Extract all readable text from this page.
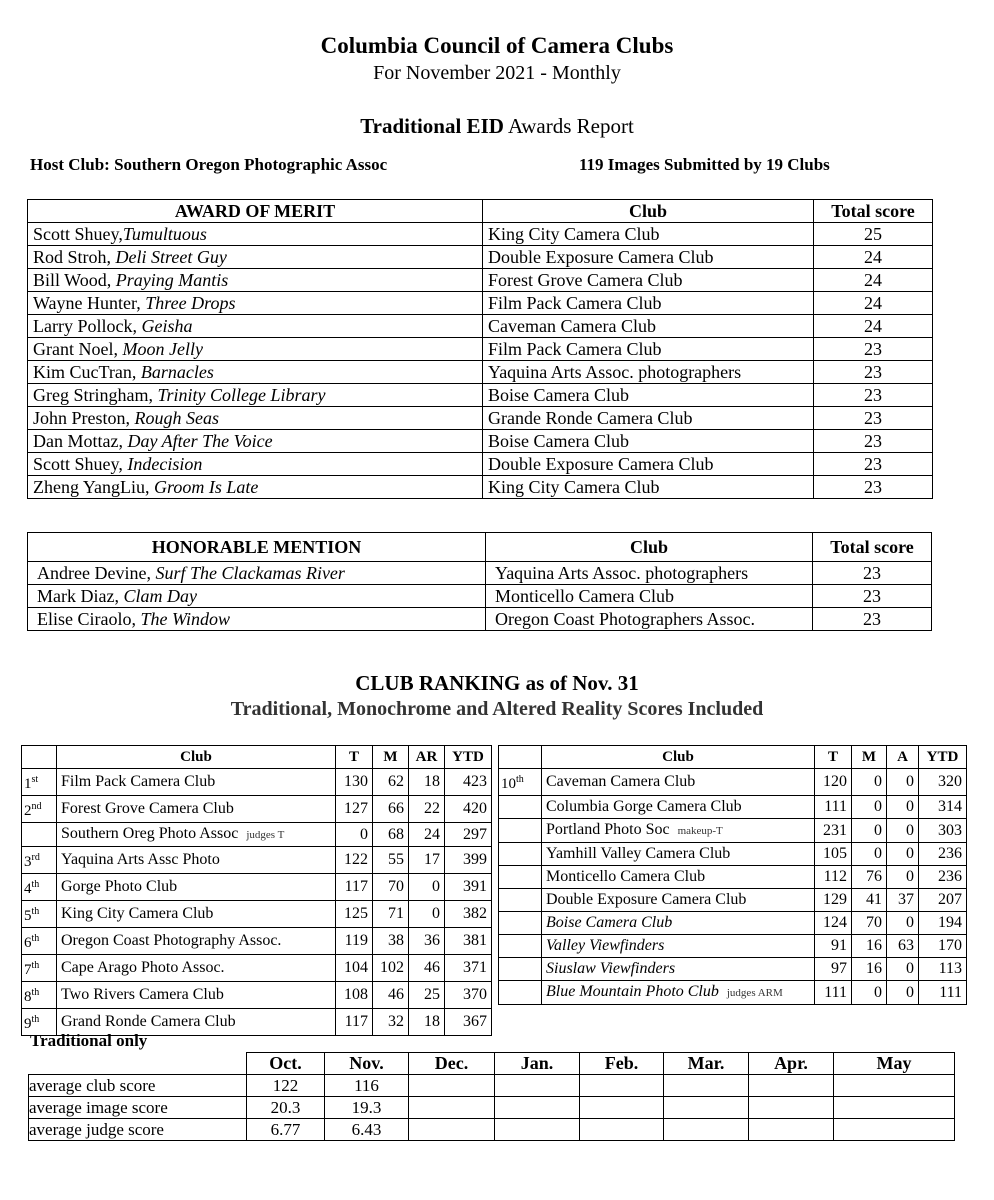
Columbia Council of Camera Clubs
For November 2021 - Monthly
Traditional EID Awards Report
Host Club: Southern Oregon Photographic Assoc	119 Images Submitted by 19 Clubs
AWARD OF MERIT	Club	Total score
Scott Shuey,Tumultuous	King City Camera Club	25
Rod Stroh, Deli Street Guy	Double Exposure Camera Club	24
Bill Wood, Praying Mantis	Forest Grove Camera Club	24
Wayne Hunter, Three Drops	Film Pack Camera Club	24
Larry Pollock, Geisha	Caveman Camera Club	24
Grant Noel, Moon Jelly	Film Pack Camera Club	23
Kim CucTran, Barnacles	Yaquina Arts Assoc. photographers	23
Greg Stringham, Trinity College Library	Boise Camera Club	23
John Preston, Rough Seas	Grande Ronde Camera Club	23
Dan Mottaz, Day After The Voice	Boise Camera Club	23
Scott Shuey, Indecision	Double Exposure Camera Club	23
Zheng YangLiu, Groom Is Late	King City Camera Club	23
HONORABLE MENTION	Club	Total score
Andree Devine, Surf The Clackamas River	Yaquina Arts Assoc. photographers	23
Mark Diaz, Clam Day	Monticello Camera Club	23
Elise Ciraolo, The Window	Oregon Coast Photographers Assoc.	23
CLUB RANKING as of Nov. 31
Traditional, Monochrome and Altered Reality Scores Included
	Club	T	M	AR	YTD
1st	Film Pack Camera Club	130	62	18	423
2nd	Forest Grove Camera Club	127	66	22	420
	Southern Oreg Photo Assoc judges T	0	68	24	297
3rd	Yaquina Arts Assc Photo	122	55	17	399
4th	Gorge Photo Club	117	70	0	391
5th	King City Camera Club	125	71	0	382
6th	Oregon Coast Photography Assoc.	119	38	36	381
7th	Cape Arago Photo Assoc.	104	102	46	371
8th	Two Rivers Camera Club	108	46	25	370
9th	Grand Ronde Camera Club	117	32	18	367
	Club	T	M	A	YTD
10th	Caveman Camera Club	120	0	0	320
	Columbia Gorge Camera Club	111	0	0	314
	Portland Photo Soc makeup-T	231	0	0	303
	Yamhill Valley Camera Club	105	0	0	236
	Monticello Camera Club	112	76	0	236
	Double Exposure Camera Club	129	41	37	207
	Boise Camera Club	124	70	0	194
	Valley Viewfinders	91	16	63	170
	Siuslaw Viewfinders	97	16	0	113
	Blue Mountain Photo Club judges ARM	111	0	0	111
Traditional only
	Oct.	Nov.	Dec.	Jan.	Feb.	Mar.	Apr.	May
average club score	122	116						
average image score	20.3	19.3						
average judge score	6.77	6.43						
